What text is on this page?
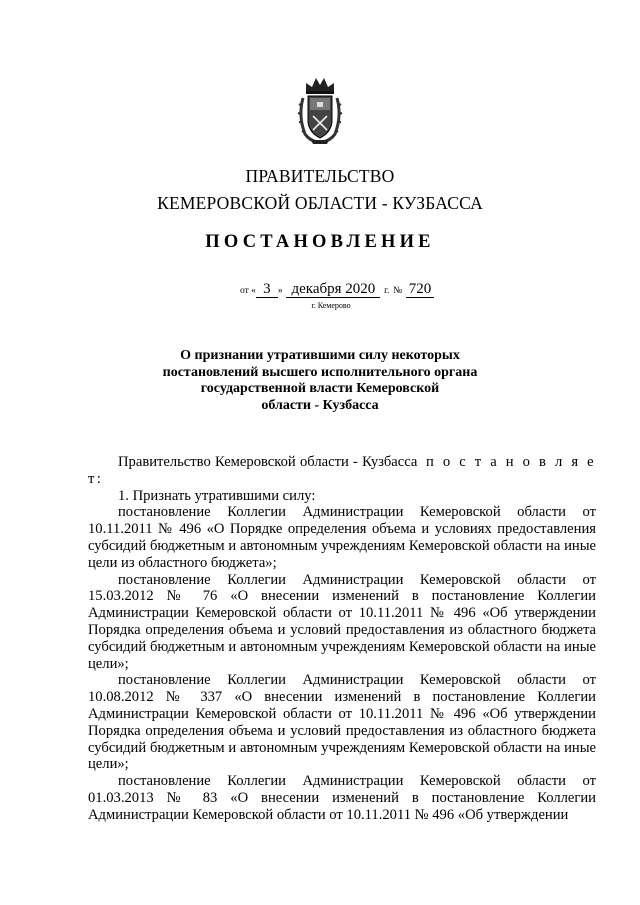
ПРАВИТЕЛЬСТВО
КЕМЕРОВСКОЙ ОБЛАСТИ - КУЗБАССА
ПОСТАНОВЛЕНИЕ
от « 3 » декабря 2020 г. № 720
г. Кемерово
О признании утратившими силу некоторых
постановлений высшего исполнительного органа
государственной власти Кемеровской
области - Кузбасса

Правительство Кемеровской области - Кузбасса п о с т а н о в л я е т:

1. Признать утратившими силу:

постановление Коллегии Администрации Кемеровской области от 10.11.2011 № 496 «О Порядке определения объема и условиях предоставления субсидий бюджетным и автономным учреждениям Кемеровской области на иные цели из областного бюджета»;

постановление Коллегии Администрации Кемеровской области от 15.03.2012 № 76 «О внесении изменений в постановление Коллегии Администрации Кемеровской области от 10.11.2011 № 496 «Об утверждении Порядка определения объема и условий предоставления из областного бюджета субсидий бюджетным и автономным учреждениям Кемеровской области на иные цели»;

постановление Коллегии Администрации Кемеровской области от 10.08.2012 № 337 «О внесении изменений в постановление Коллегии Администрации Кемеровской области от 10.11.2011 № 496 «Об утверждении Порядка определения объема и условий предоставления из областного бюджета субсидий бюджетным и автономным учреждениям Кемеровской области на иные цели»;

постановление Коллегии Администрации Кемеровской области от 01.03.2013 № 83 «О внесении изменений в постановление Коллегии Администрации Кемеровской области от 10.11.2011 № 496 «Об утверждении
